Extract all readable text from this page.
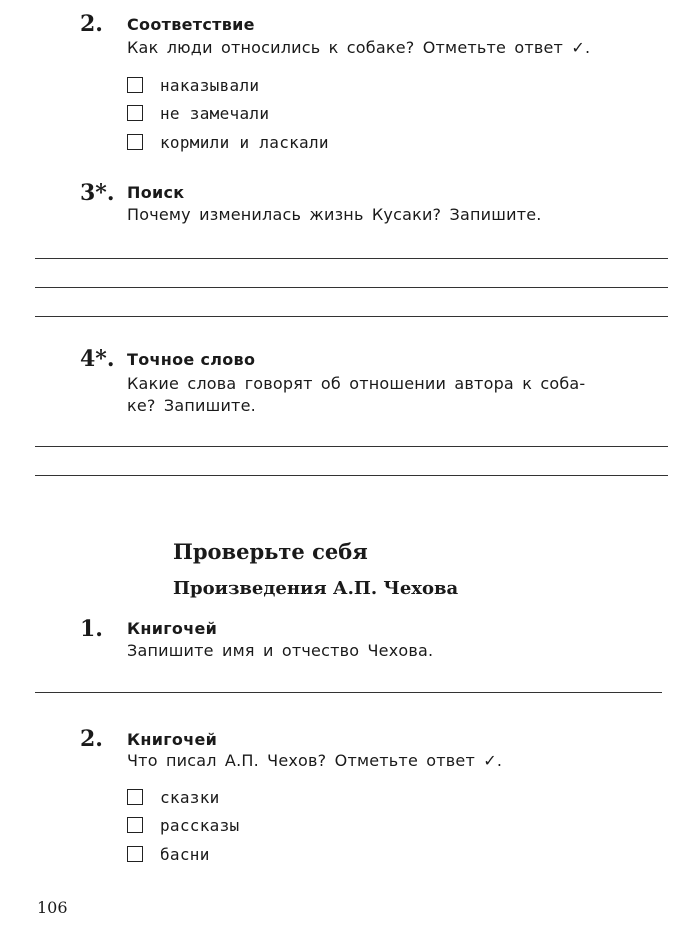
2. Соответствие
Как люди относились к собаке? Отметьте ответ ✓.
наказывали
не замечали
кормили и ласкали
3*. Поиск
Почему изменилась жизнь Кусаки? Запишите.
4*. Точное слово
Какие слова говорят об отношении автора к соба-
ке? Запишите.
Проверьте себя
Произведения А.П. Чехова
1. Книгочей
Запишите имя и отчество Чехова.
2. Книгочей
Что писал А.П. Чехов? Отметьте ответ ✓.
сказки
рассказы
басни
106
